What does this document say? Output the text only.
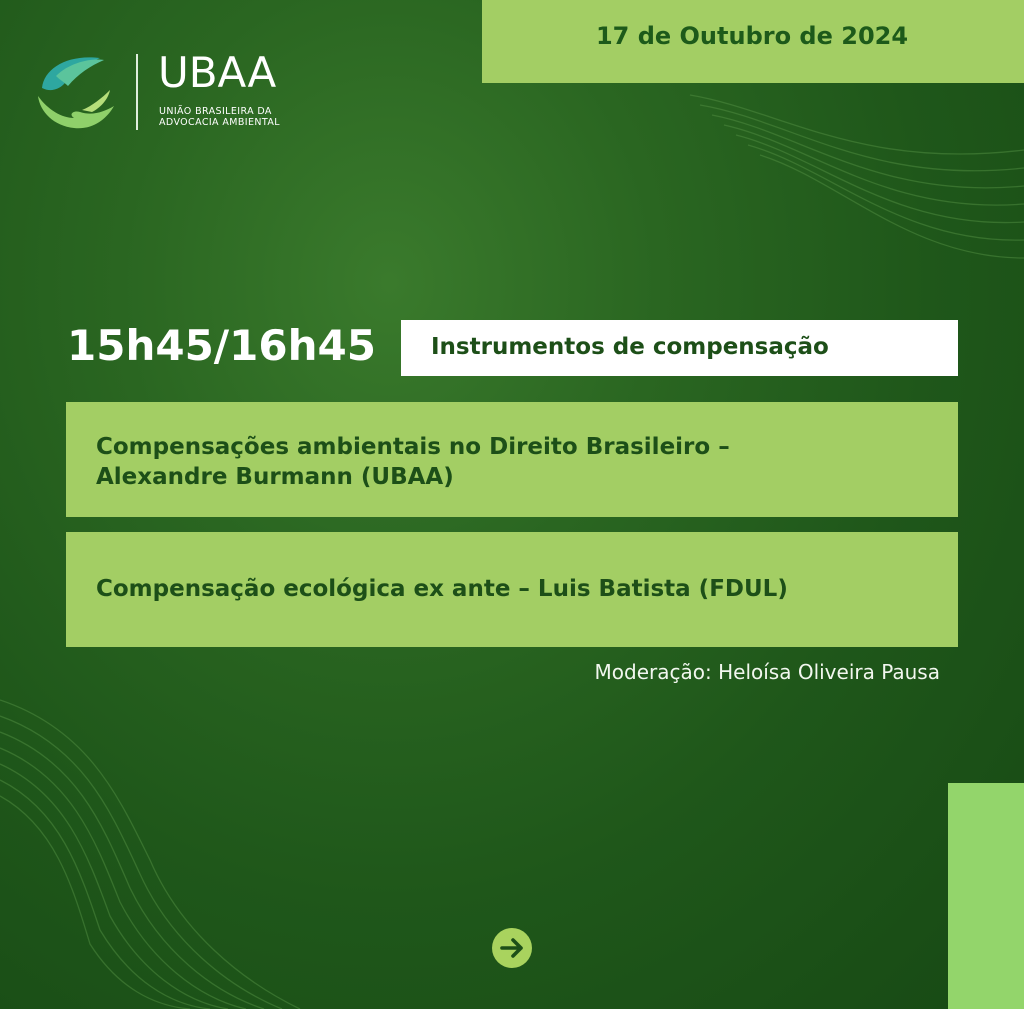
UBAA
UNIÃO BRASILEIRA DA
ADVOCACIA AMBIENTAL
17 de Outubro de 2024
15h45/16h45 Instrumentos de compensação
Compensações ambientais no Direito Brasileiro –
Alexandre Burmann (UBAA)
Compensação ecológica ex ante – Luis Batista (FDUL)
Moderação: Heloísa Oliveira Pausa
